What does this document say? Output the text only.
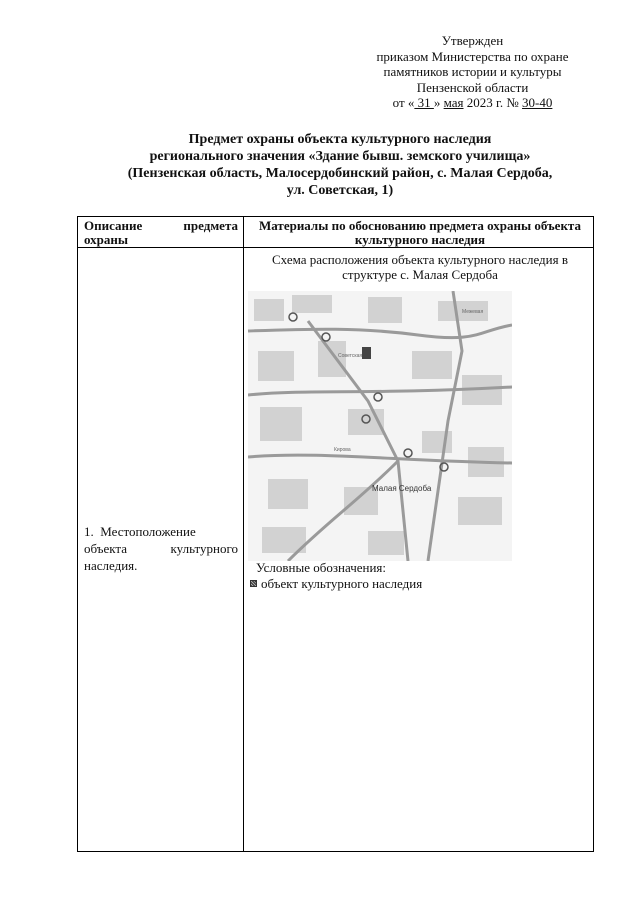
Утвержден
приказом Министерства по охране
памятников истории и культуры
Пензенской области
от « 31 » мая 2023 г. № 30-40
Предмет охраны объекта культурного наследия
регионального значения «Здание бывш. земского училища»
(Пензенская область, Малосердобинский район, с. Малая Сердоба,
ул. Советская, 1)
Описание предмета охраны
Материалы по обоснованию предмета охраны объекта культурного наследия
1. Местоположение
объекта	культурного
наследия.
Схема расположения объекта культурного наследия в структуре с. Малая Сердоба
Малая Сердоба
Межевая
Советская
Кирова
Условные обозначения:
объект культурного наследия
